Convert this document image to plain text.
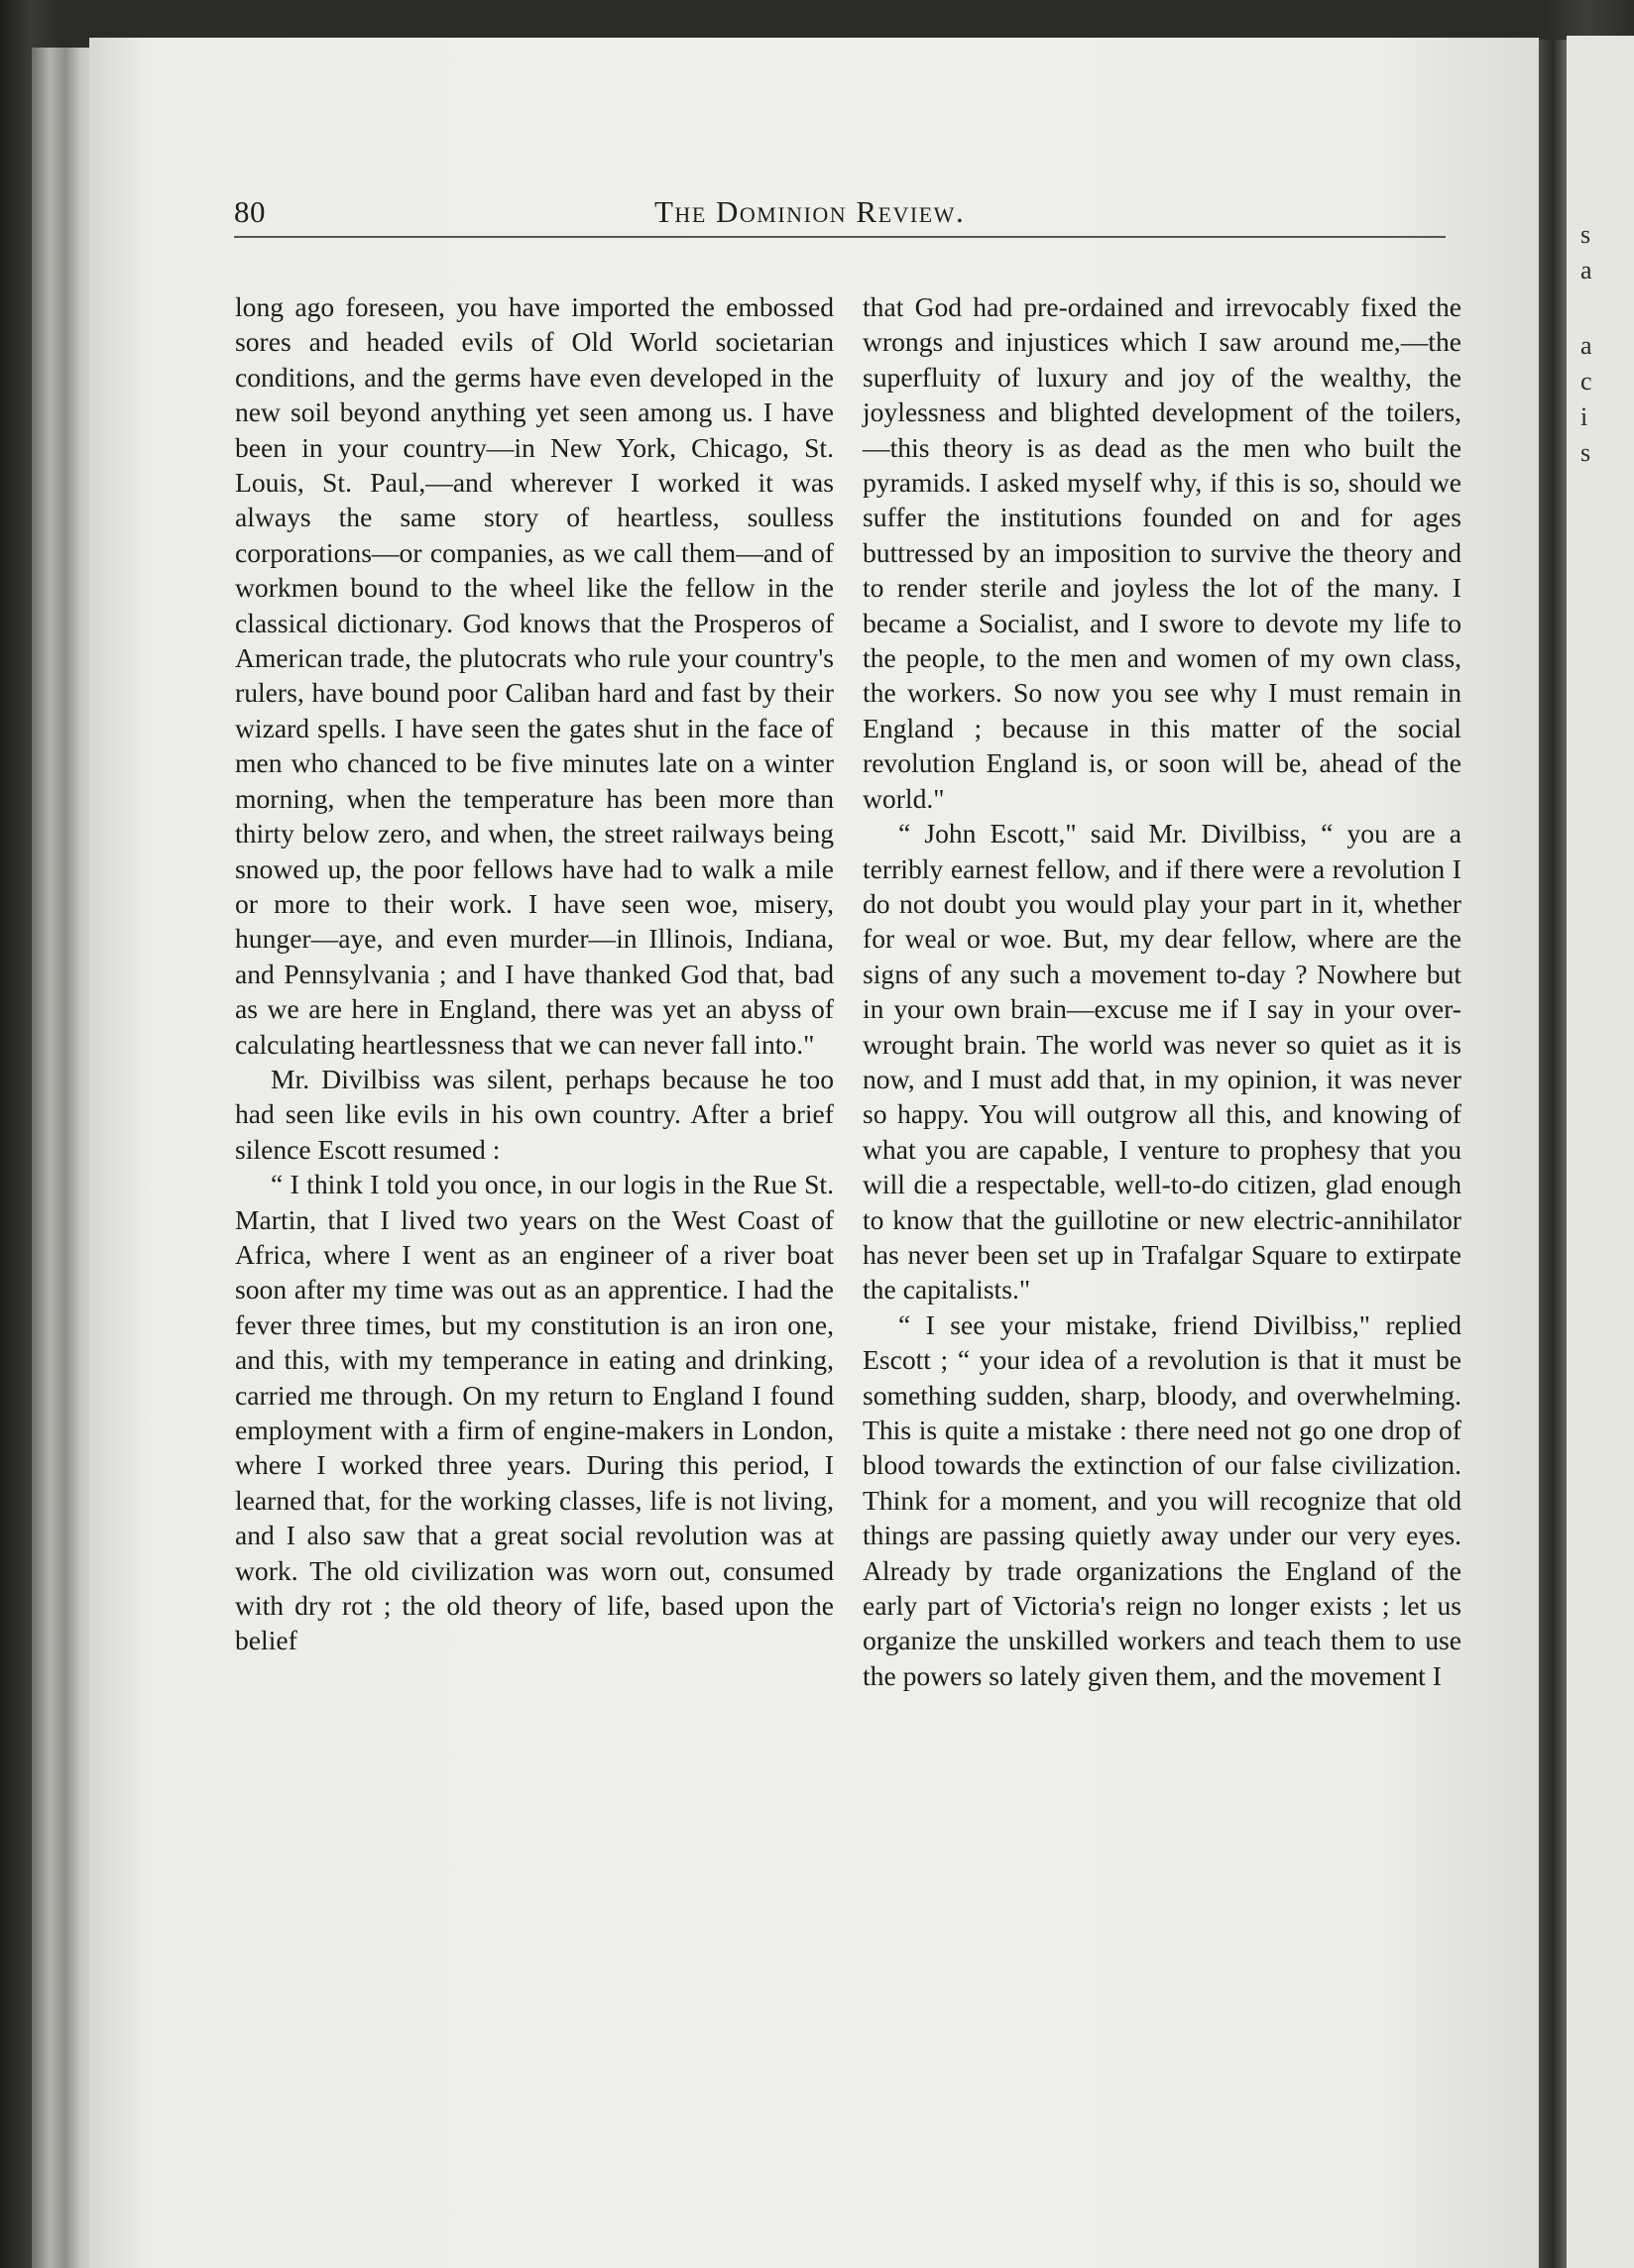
s
a
a
c
i
s
80	The Dominion Review.

long ago foreseen, you have imported the embossed sores and headed evils of Old World societarian conditions, and the germs have even developed in the new soil beyond anything yet seen among us. I have been in your country—in New York, Chicago, St. Louis, St. Paul,—and wherever I worked it was always the same story of heartless, soulless corporations—or companies, as we call them—and of workmen bound to the wheel like the fellow in the classical dictionary. God knows that the Prosperos of American trade, the plutocrats who rule your country's rulers, have bound poor Caliban hard and fast by their wizard spells. I have seen the gates shut in the face of men who chanced to be five minutes late on a winter morning, when the temperature has been more than thirty below zero, and when, the street railways being snowed up, the poor fellows have had to walk a mile or more to their work. I have seen woe, misery, hunger—aye, and even murder—in Illinois, Indiana, and Pennsylvania ; and I have thanked God that, bad as we are here in England, there was yet an abyss of calculating heartlessness that we can never fall into."

Mr. Divilbiss was silent, perhaps because he too had seen like evils in his own country. After a brief silence Escott resumed :

“ I think I told you once, in our logis in the Rue St. Martin, that I lived two years on the West Coast of Africa, where I went as an engineer of a river boat soon after my time was out as an apprentice. I had the fever three times, but my constitution is an iron one, and this, with my temperance in eating and drinking, carried me through. On my return to England I found employment with a firm of engine-makers in London, where I worked three years. During this period, I learned that, for the working classes, life is not living, and I also saw that a great social revolution was at work. The old civilization was worn out, consumed with dry rot ; the old theory of life, based upon the belief

that God had pre-ordained and irrevocably fixed the wrongs and injustices which I saw around me,—the superfluity of luxury and joy of the wealthy, the joylessness and blighted development of the toilers, —this theory is as dead as the men who built the pyramids. I asked myself why, if this is so, should we suffer the institutions founded on and for ages buttressed by an imposition to survive the theory and to render sterile and joyless the lot of the many. I became a Socialist, and I swore to devote my life to the people, to the men and women of my own class, the workers. So now you see why I must remain in England ; because in this matter of the social revolution England is, or soon will be, ahead of the world."

“ John Escott," said Mr. Divilbiss, “ you are a terribly earnest fellow, and if there were a revolution I do not doubt you would play your part in it, whether for weal or woe. But, my dear fellow, where are the signs of any such a movement to-day ? Nowhere but in your own brain—excuse me if I say in your over-wrought brain. The world was never so quiet as it is now, and I must add that, in my opinion, it was never so happy. You will outgrow all this, and knowing of what you are capable, I venture to prophesy that you will die a respectable, well-to-do citizen, glad enough to know that the guillotine or new electric-annihilator has never been set up in Trafalgar Square to extirpate the capitalists."

“ I see your mistake, friend Divilbiss," replied Escott ; “ your idea of a revolution is that it must be something sudden, sharp, bloody, and overwhelming. This is quite a mistake : there need not go one drop of blood towards the extinction of our false civilization. Think for a moment, and you will recognize that old things are passing quietly away under our very eyes. Already by trade organizations the England of the early part of Victoria's reign no longer exists ; let us organize the unskilled workers and teach them to use the powers so lately given them, and the movement I
